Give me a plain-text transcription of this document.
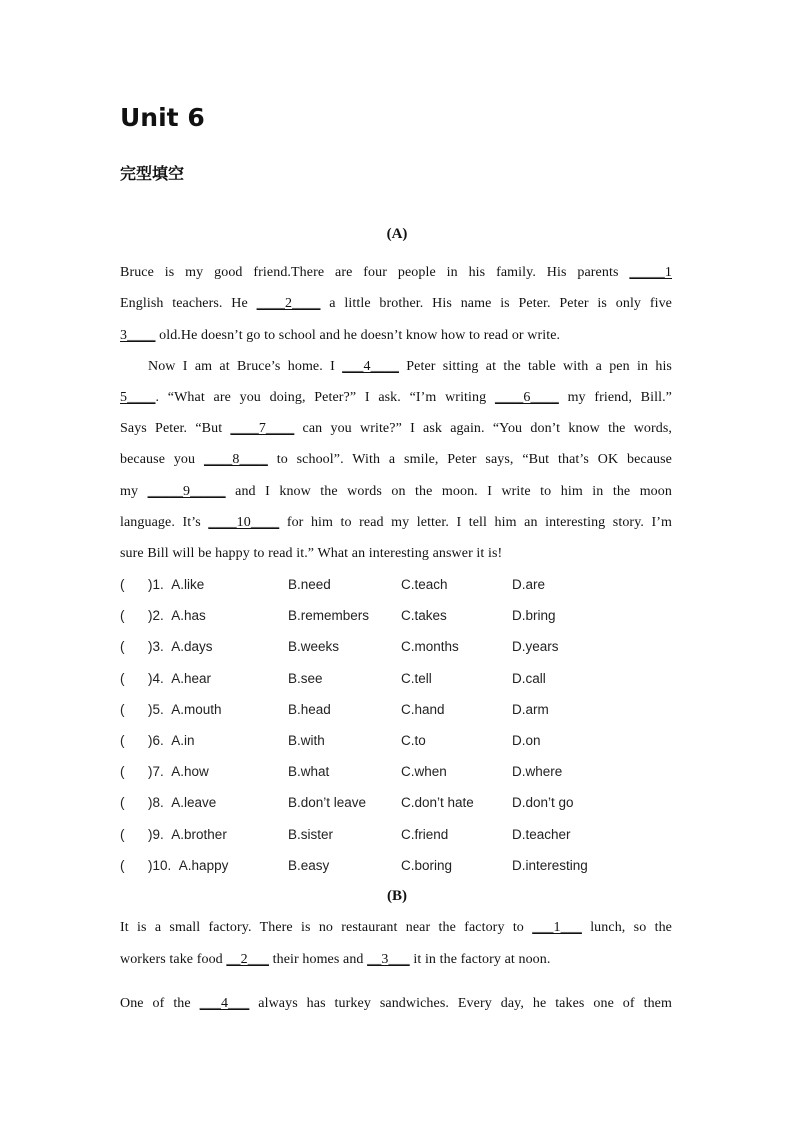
Unit 6
完型填空
(A)
Bruce is my good friend.There are four people in his family. His parents _____1
English teachers. He ____2____ a little brother. His name is Peter. Peter is only five
3____ old.He doesn’t go to school and he doesn’t know how to read or write.
Now I am at Bruce’s home. I ___4____ Peter sitting at the table with a pen in his
5____. “What are you doing, Peter?” I ask. “I’m writing ____6____ my friend, Bill.”
Says Peter. “But ____7____ can you write?” I ask again. “You don’t know the words,
because you ____8____ to school”. With a smile, Peter says, “But that’s OK because
my _____9_____ and I know the words on the moon. I write to him in the moon
language. It’s ____10____ for him to read my letter. I tell him an interesting story. I’m
sure Bill will be happy to read it.” What an interesting answer it is!
( )1. A.like	B.need	C.teach	D.are
( )2. A.has	B.remembers C.takes	D.bring
( )3. A.days	B.weeks	C.months	D.years
( )4. A.hear	B.see	C.tell	D.call
( )5. A.mouth	B.head	C.hand	D.arm
( )6. A.in	B.with	C.to	D.on
( )7. A.how	B.what	C.when	D.where
( )8. A.leave	B.don’t leave	C.don’t hate	D.don’t go
( )9. A.brother	B.sister	C.friend	D.teacher
( )10. A.happy	B.easy	C.boring	D.interesting
(B)
It is a small factory. There is no restaurant near the factory to ___1___ lunch, so the
workers take food __2___ their homes and __3___ it in the factory at noon.
One of the ___4___ always has turkey sandwiches. Every day, he takes one of them
